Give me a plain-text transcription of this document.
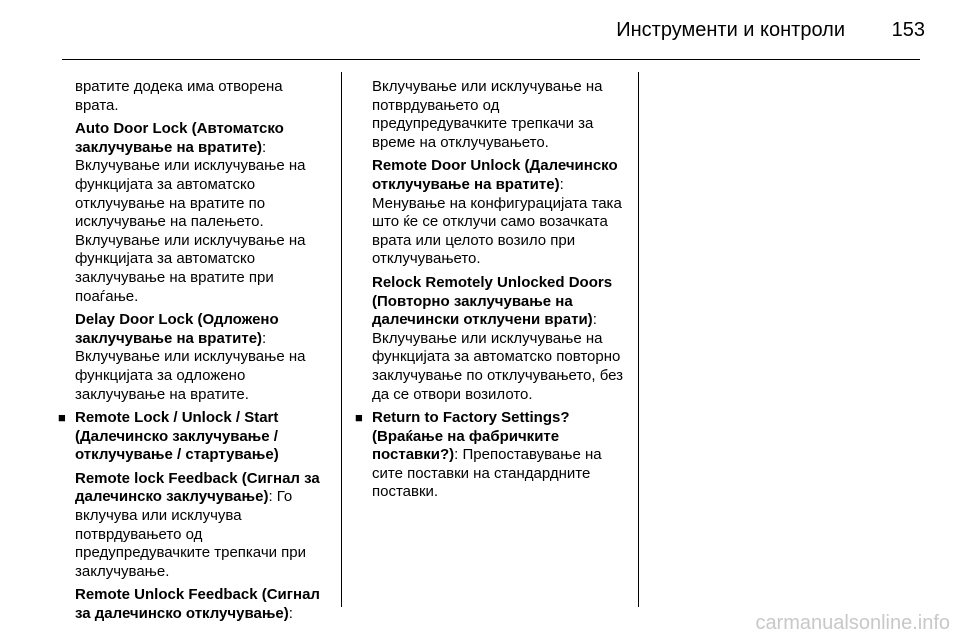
Инструменти и контроли	153

вратите додека има отворена врата.

Auto Door Lock (Автоматско заклучување на вратите): Вклучување или исклучување на функцијата за автоматско отклучување на вратите по исклучување на палењето. Вклучување или исклучување на функцијата за автоматско заклучување на вратите при поаѓање.

Delay Door Lock (Одложено заклучување на вратите): Вклучување или исклучување на функцијата за одложено заклучување на вратите.

■ Remote Lock / Unlock / Start (Далечинско заклучување / отклучување / стартување)

Remote lock Feedback (Сигнал за далечинско заклучување): Го вклучува или исклучува потврдувањето од предупредувачките трепкачи при заклучување.

Remote Unlock Feedback (Сигнал за далечинско отклучување):

Вклучување или исклучување на потврдувањето од предупредувачките трепкачи за време на отклучувањето.

Remote Door Unlock (Далечинско отклучување на вратите): Менување на конфигурацијата така што ќе се отклучи само возачката врата или целото возило при отклучувањето.

Relock Remotely Unlocked Doors (Повторно заклучување на далечински отклучени врати): Вклучување или исклучување на функцијата за автоматско повторно заклучување по отклучувањето, без да се отвори возилото.

■ Return to Factory Settings? (Враќање на фабричките поставки?): Препоставување на сите поставки на стандардните поставки.

carmanualsonline.info
